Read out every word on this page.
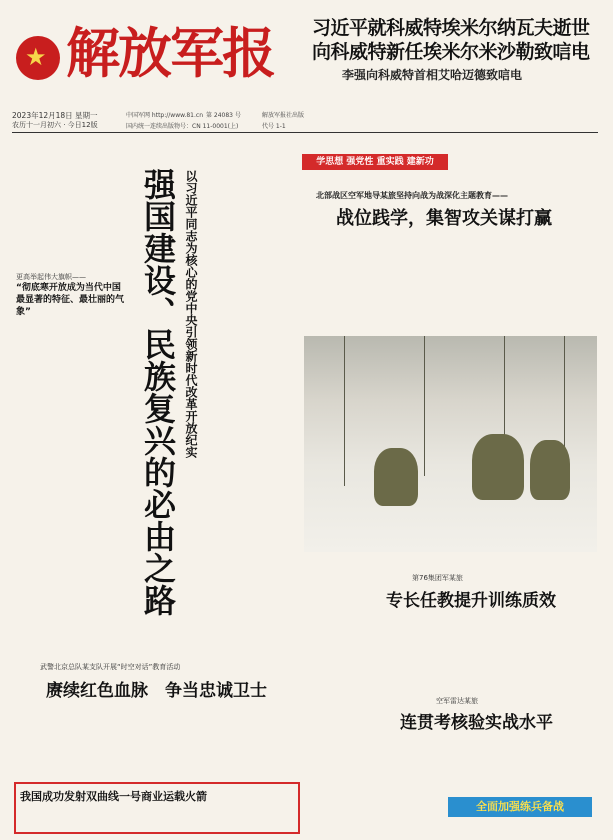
★ 解放军报
2023年12月18日 星期一
农历十一月初六 · 今日12版
中国军网 http://www.81.cn 第 24083 号	解放军报社出版
国内统一连续出版物号：CN 11-0001(上)	代号 1-1
习近平就科威特埃米尔纳瓦夫逝世
向科威特新任埃米尔米沙勒致唁电
李强向科威特首相艾哈迈德致唁电
强国建设、民族复兴的必由之路 以习近平同志为核心的党中央引领新时代改革开放纪实
更高举起伟大旗帜——
“彻底寒开放成为当代中国最显著的特征、最壮丽的气象”
学思想 强党性 重实践 建新功
北部战区空军地导某旅坚持向战为战深化主题教育——
战位践学，集智攻关谋打赢
第76集团军某旅
专长任教提升训练质效
空军雷达某旅
连贯考核验实战水平
全面加强练兵备战
武警北京总队某支队开展“时空对话”教育活动
赓续红色血脉　争当忠诚卫士
我国成功发射双曲线一号商业运载火箭
